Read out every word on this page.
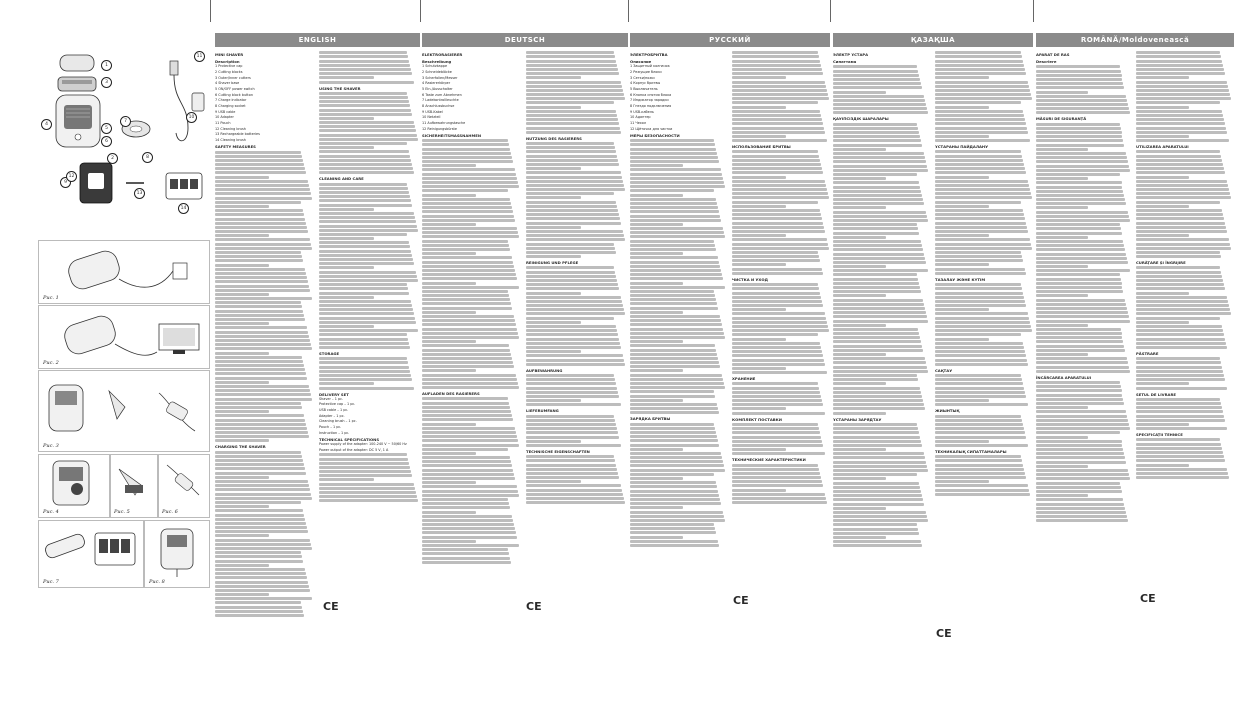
1
2
3
4
5
6
7
8
9
10
11
12
13
14
Рис. 1
Рис. 2
Рис. 3
Рис. 4	Рис. 5	Рис. 6
Рис. 7	Рис. 8
ENGLISH
MINI SHAVER
Description

1 Protective cap

2 Cutting blocks

3 Outer/Inner cutters

4 Shaver base

5 ON/OFF power switch

6 Cutting block button

7 Charge indicator

8 Charging socket

9 USB cable

10 Adapter

11 Pouch

12 Cleaning brush

13 Rechargeable batteries

14 Cleaning brush

SAFETY MEASURES
CHARGING THE SHAVER
USING THE SHAVER
CLEANING AND CARE
STORAGE
DELIVERY SET

Shaver – 1 pc.

Protective cap – 1 pc.

USB cable – 1 pc.

Adapter – 1 pc.

Cleaning brush – 1 pc.

Pouch – 1 pc.

Instruction – 1 pc.

TECHNICAL SPECIFICATIONS

Power supply of the adapter: 100-240 V ~ 50/60 Hz

Power output of the adapter: DC 5 V, 1 A

DEUTSCH
ELEKTRORASIERER
Beschreibung

1 Schutzkappe

2 Schneideblöcke

3 Scherfolien/Messer

4 Rasiererkörper

5 Ein-/Ausschalter

6 Taste zum Abnehmen

7 Ladekontrollleuchte

8 Anschlussbuchse

9 USB-Kabel

10 Netzteil

11 Aufbewahrungstasche

12 Reinigungsbürste

SICHERHEITSMASSNAHMEN
AUFLADEN DES RASIERERS
NUTZUNG DES RASIERERS
REINIGUNG UND PFLEGE
AUFBEWAHRUNG
LIEFERUMFANG
TECHNISCHE EIGENSCHAFTEN
РУССКИЙ
ЭЛЕКТРОБРИТВА
Описание

1 Защитный колпачок

2 Режущие блоки

3 Сетки/ножи

4 Корпус бритвы

5 Выключатель

6 Кнопка снятия блока

7 Индикатор зарядки

8 Гнездо подключения

9 USB-кабель

10 Адаптер

11 Чехол

12 Щёточка для чистки

МЕРЫ БЕЗОПАСНОСТИ
ЗАРЯДКА БРИТВЫ
ИСПОЛЬЗОВАНИЕ БРИТВЫ
ЧИСТКА И УХОД
ХРАНЕНИЕ
КОМПЛЕКТ ПОСТАВКИ
ТЕХНИЧЕСКИЕ ХАРАКТЕРИСТИКИ
ҚАЗАҚША
ЭЛЕКТР ҰСТАРА
Сипаттама
ҚАУІПСІЗДІК ШАРАЛАРЫ
ҰСТАРАНЫ ЗАРЯДТАУ
ҰСТАРАНЫ ПАЙДАЛАНУ
ТАЗАЛАУ ЖӘНЕ КҮТІМ
САҚТАУ
ЖИЫНТЫҚ
ТЕХНИКАЛЫҚ СИПАТТАМАЛАРЫ
ROMÂNĂ/Moldovenească
APARAT DE RAS
Descriere
MĂSURI DE SIGURANȚĂ
ÎNCĂRCAREA APARATULUI
UTILIZAREA APARATULUI
CURĂȚARE ȘI ÎNGRIJIRE
PĂSTRARE
SETUL DE LIVRARE
SPECIFICAȚII TEHNICE
CE	CE	CE
CE
CE
